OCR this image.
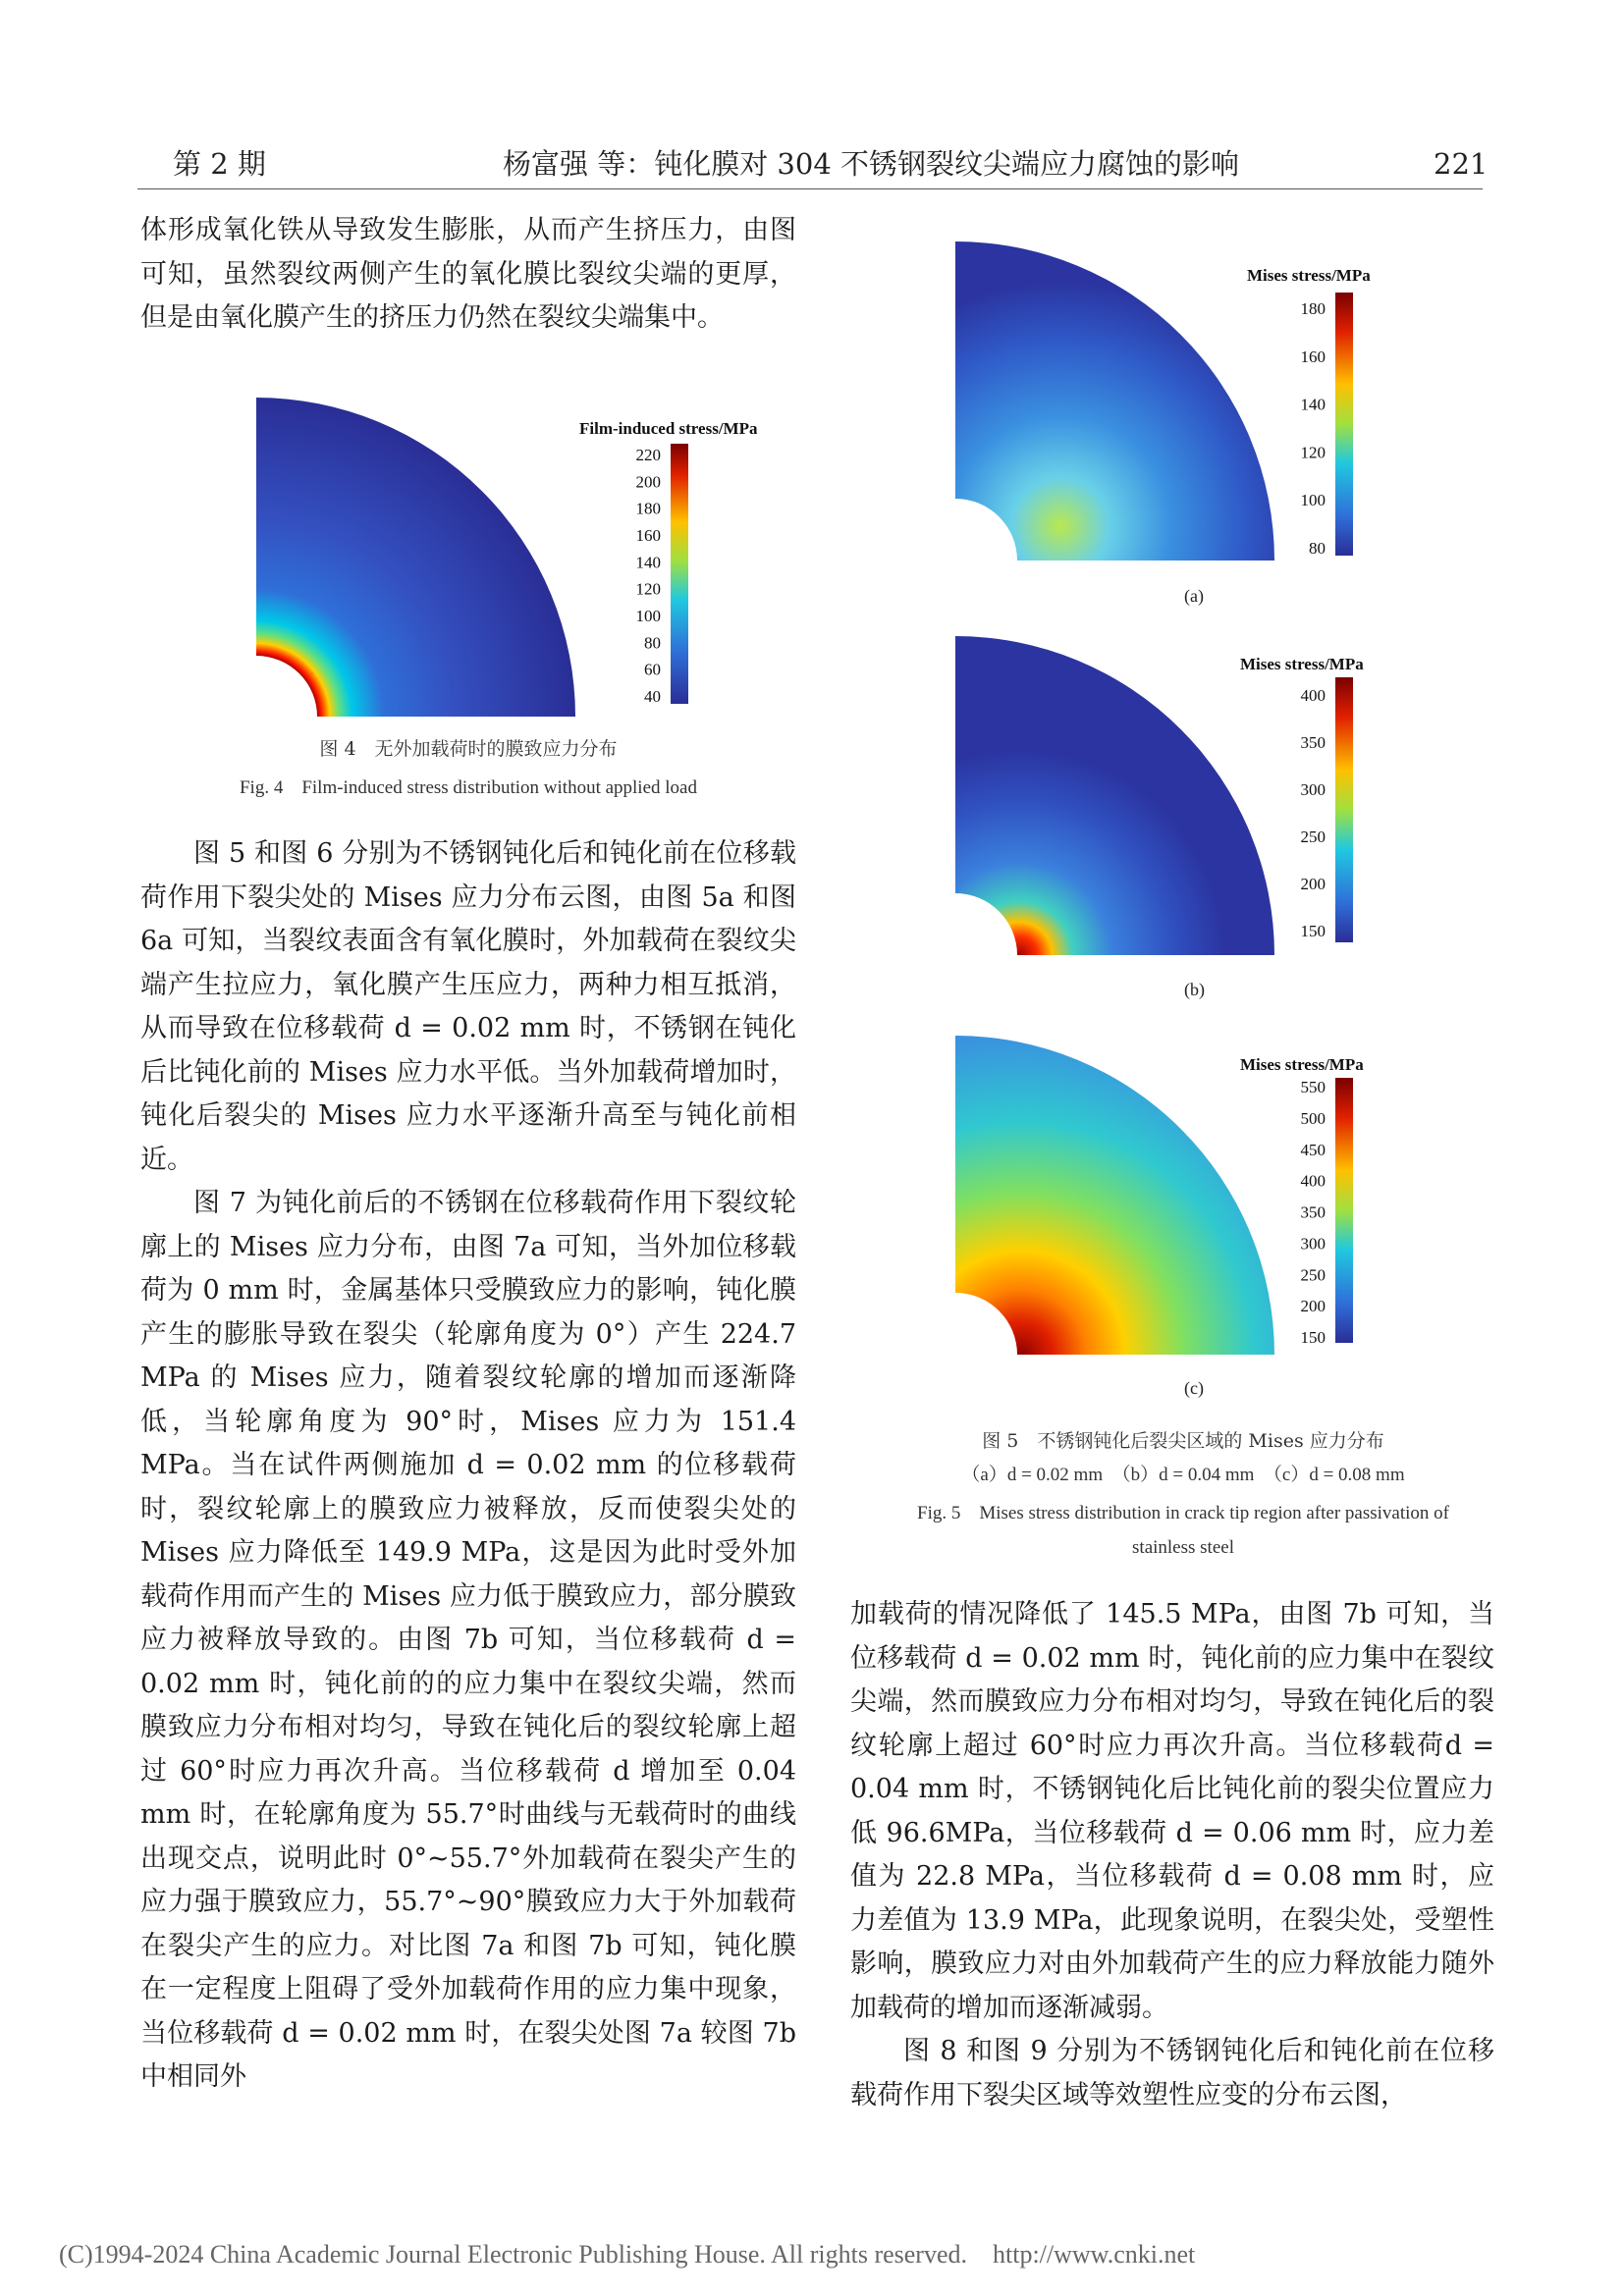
第 2 期	杨富强 等：钝化膜对 304 不锈钢裂纹尖端应力腐蚀的影响	221

体形成氧化铁从导致发生膨胀，从而产生挤压力，由图可知，虽然裂纹两侧产生的氧化膜比裂纹尖端的更厚，但是由氧化膜产生的挤压力仍然在裂纹尖端集中。

Film-induced stress/MPa
220
200
180
160
140
120
100
80
60
40
图 4　无外加载荷时的膜致应力分布
Fig. 4　Film-induced stress distribution without applied load

图 5 和图 6 分别为不锈钢钝化后和钝化前在位移载荷作用下裂尖处的 Mises 应力分布云图，由图 5a 和图 6a 可知，当裂纹表面含有氧化膜时，外加载荷在裂纹尖端产生拉应力，氧化膜产生压应力，两种力相互抵消，从而导致在位移载荷 d = 0.02 mm 时，不锈钢在钝化后比钝化前的 Mises 应力水平低。当外加载荷增加时，钝化后裂尖的 Mises 应力水平逐渐升高至与钝化前相近。

图 7 为钝化前后的不锈钢在位移载荷作用下裂纹轮廓上的 Mises 应力分布，由图 7a 可知，当外加位移载荷为 0 mm 时，金属基体只受膜致应力的影响，钝化膜产生的膨胀导致在裂尖（轮廓角度为 0°）产生 224.7 MPa 的 Mises 应力，随着裂纹轮廓的增加而逐渐降低，当轮廓角度为 90°时，Mises 应力为 151.4 MPa。当在试件两侧施加 d = 0.02 mm 的位移载荷时，裂纹轮廓上的膜致应力被释放，反而使裂尖处的 Mises 应力降低至 149.9 MPa，这是因为此时受外加载荷作用而产生的 Mises 应力低于膜致应力，部分膜致应力被释放导致的。由图 7b 可知，当位移载荷 d = 0.02 mm 时，钝化前的的应力集中在裂纹尖端，然而膜致应力分布相对均匀，导致在钝化后的裂纹轮廓上超过 60°时应力再次升高。当位移载荷 d 增加至 0.04 mm 时，在轮廓角度为 55.7°时曲线与无载荷时的曲线出现交点，说明此时 0°~55.7°外加载荷在裂尖产生的应力强于膜致应力，55.7°~90°膜致应力大于外加载荷在裂尖产生的应力。对比图 7a 和图 7b 可知，钝化膜在一定程度上阻碍了受外加载荷作用的应力集中现象，当位移载荷 d = 0.02 mm 时，在裂尖处图 7a 较图 7b 中相同外

Mises stress/MPa
180
160
140
120
100
80
(a)
Mises stress/MPa
400
350
300
250
200
150
(b)
Mises stress/MPa
550
500
450
400
350
300
250
200
150
(c)
图 5　不锈钢钝化后裂尖区域的 Mises 应力分布
（a）d = 0.02 mm　（b）d = 0.04 mm　（c）d = 0.08 mm
Fig. 5　Mises stress distribution in crack tip region after passivation of
stainless steel

加载荷的情况降低了 145.5 MPa，由图 7b 可知，当位移载荷 d = 0.02 mm 时，钝化前的应力集中在裂纹尖端，然而膜致应力分布相对均匀，导致在钝化后的裂纹轮廓上超过 60°时应力再次升高。当位移载荷d = 0.04 mm 时，不锈钢钝化后比钝化前的裂尖位置应力低 96.6MPa，当位移载荷 d = 0.06 mm 时，应力差值为 22.8 MPa，当位移载荷 d = 0.08 mm 时，应力差值为 13.9 MPa，此现象说明，在裂尖处，受塑性影响，膜致应力对由外加载荷产生的应力释放能力随外加载荷的增加而逐渐减弱。

图 8 和图 9 分别为不锈钢钝化后和钝化前在位移载荷作用下裂尖区域等效塑性应变的分布云图，

(C)1994-2024 China Academic Journal Electronic Publishing House. All rights reserved.　http://www.cnki.net
